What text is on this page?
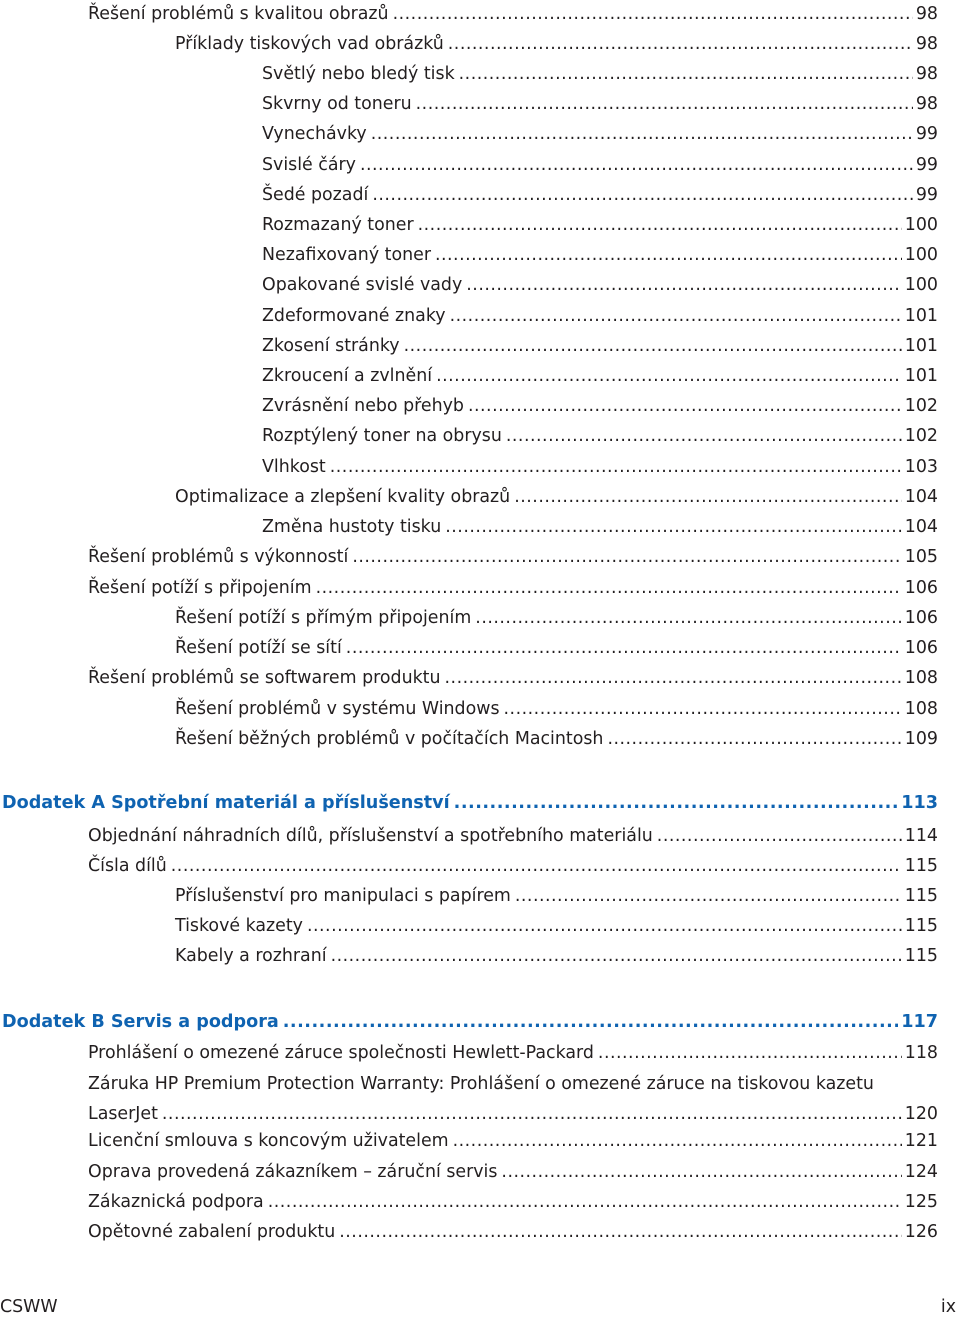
Řešení problémů s kvalitou obrazů .....	98
Příklady tiskových vad obrázků .....	98
Světlý nebo bledý tisk .....	98
Skvrny od toneru .....	98
Vynechávky .....	99
Svislé čáry .....	99
Šedé pozadí .....	99
Rozmazaný toner .....	100
Nezafixovaný toner .....	100
Opakované svislé vady .....	100
Zdeformované znaky .....	101
Zkosení stránky .....	101
Zkroucení a zvlnění .....	101
Zvrásnění nebo přehyb .....	102
Rozptýlený toner na obrysu .....	102
Vlhkost .....	103
Optimalizace a zlepšení kvality obrazů .....	104
Změna hustoty tisku .....	104
Řešení problémů s výkonností .....	105
Řešení potíží s připojením .....	106
Řešení potíží s přímým připojením .....	106
Řešení potíží se sítí .....	106
Řešení problémů se softwarem produktu .....	108
Řešení problémů v systému Windows .....	108
Řešení běžných problémů v počítačích Macintosh .....	109
Dodatek A Spotřební materiál a příslušenství .....	113
Objednání náhradních dílů, příslušenství a spotřebního materiálu .....	114
Čísla dílů .....	115
Příslušenství pro manipulaci s papírem .....	115
Tiskové kazety .....	115
Kabely a rozhraní .....	115
Dodatek B Servis a podpora .....	117
Prohlášení o omezené záruce společnosti Hewlett-Packard .....	118
Záruka HP Premium Protection Warranty: Prohlášení o omezené záruce na tiskovou kazetu
LaserJet .....	120
Licenční smlouva s koncovým uživatelem .....	121
Oprava provedená zákazníkem – záruční servis .....	124
Zákaznická podpora .....	125
Opětovné zabalení produktu .....	126
CSWW	ix
